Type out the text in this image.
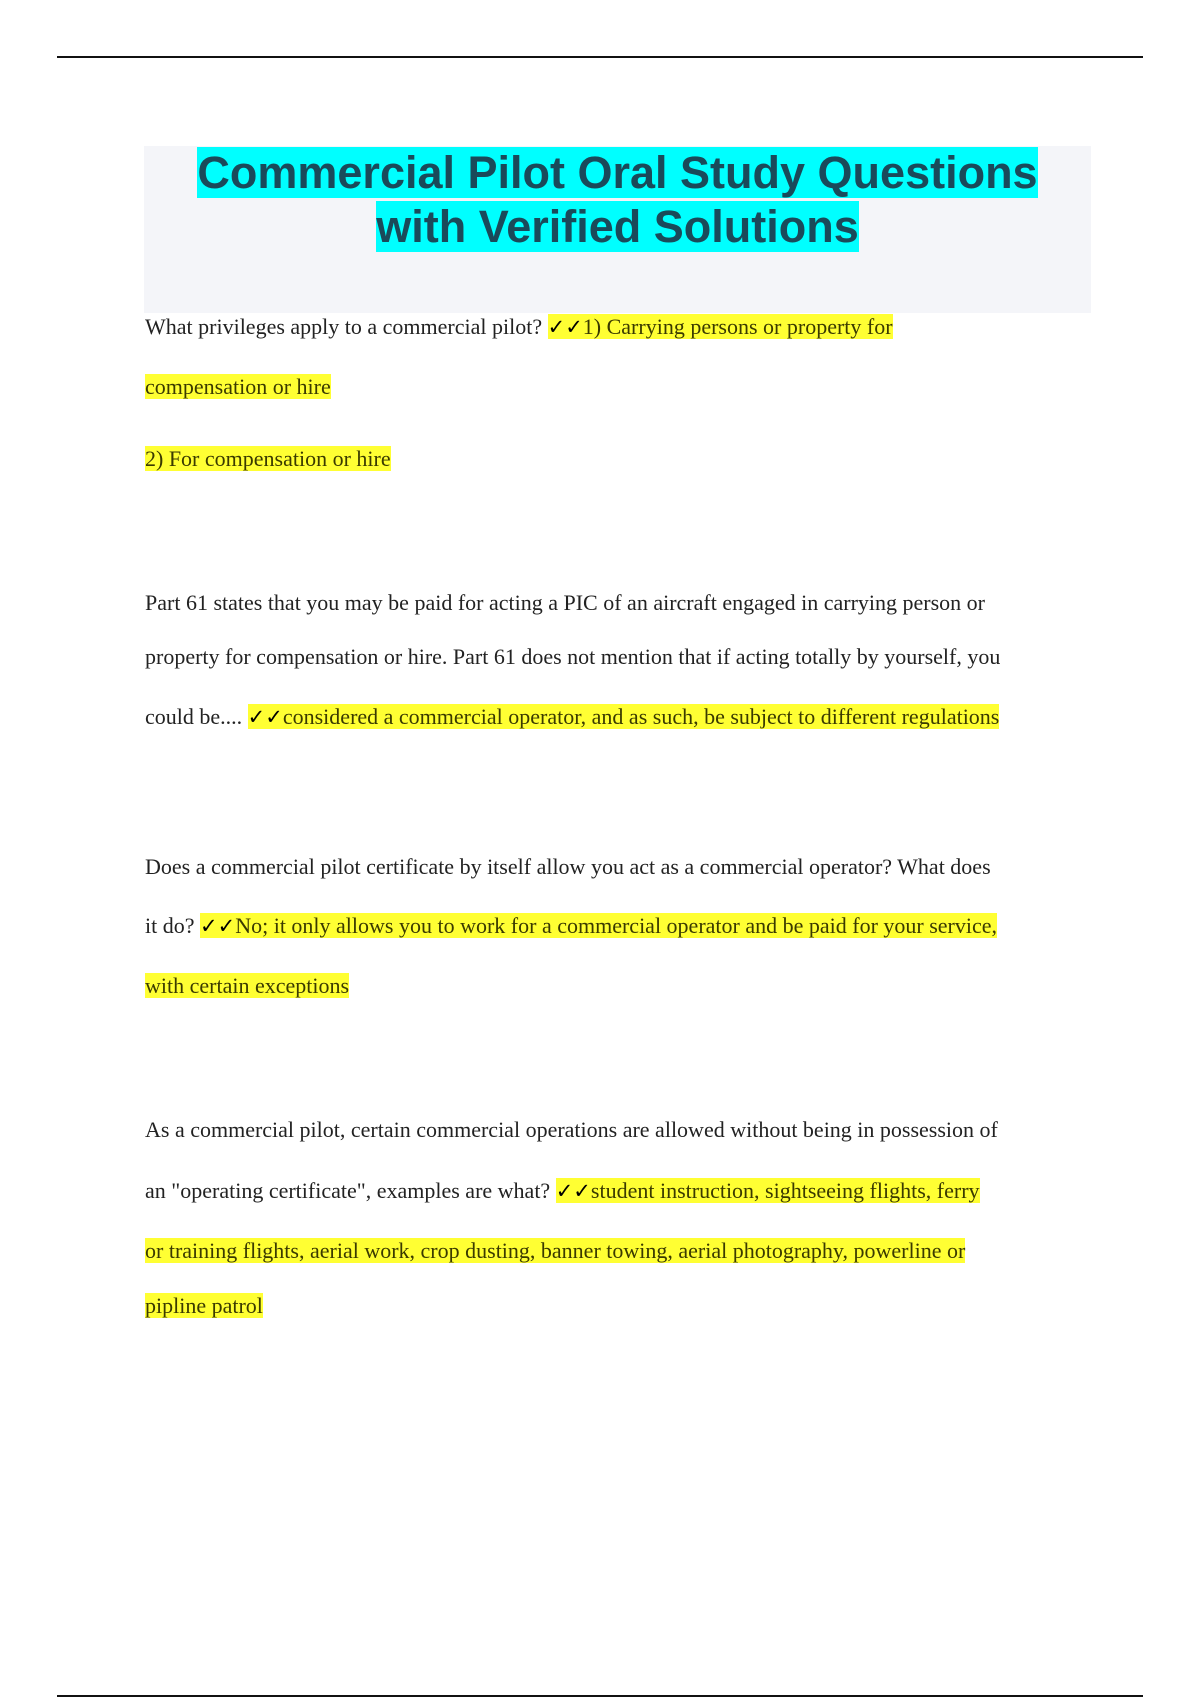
Commercial Pilot Oral Study Questions
with Verified Solutions
What privileges apply to a commercial pilot? ✓✓1) Carrying persons or property for
compensation or hire
2) For compensation or hire
Part 61 states that you may be paid for acting a PIC of an aircraft engaged in carrying person or
property for compensation or hire. Part 61 does not mention that if acting totally by yourself, you
could be.... ✓✓considered a commercial operator, and as such, be subject to different regulations
Does a commercial pilot certificate by itself allow you act as a commercial operator? What does
it do? ✓✓No; it only allows you to work for a commercial operator and be paid for your service,
with certain exceptions
As a commercial pilot, certain commercial operations are allowed without being in possession of
an "operating certificate", examples are what? ✓✓student instruction, sightseeing flights, ferry
or training flights, aerial work, crop dusting, banner towing, aerial photography, powerline or
pipline patrol
